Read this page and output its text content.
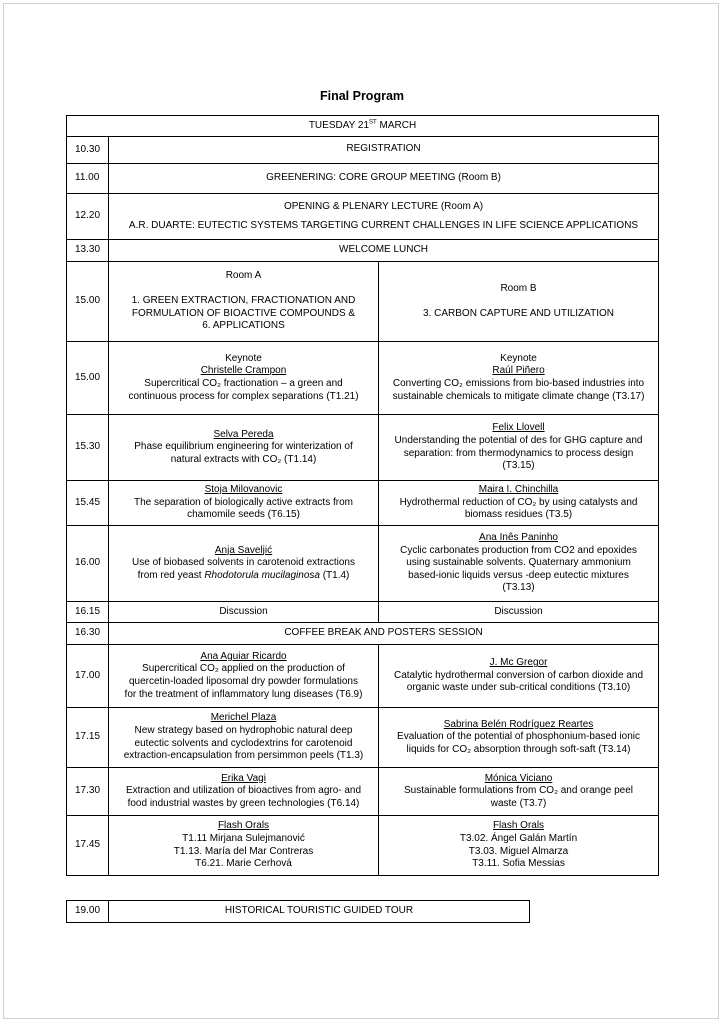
Final Program
TUESDAY 21ST MARCH		
10.30	REGISTRATION	
11.00	GREENERING: CORE GROUP MEETING (Room B)	
12.20	OPENING & PLENARY LECTURE (Room A)
A.R. DUARTE: EUTECTIC SYSTEMS TARGETING CURRENT CHALLENGES IN LIFE SCIENCE APPLICATIONS	

13.30	WELCOME LUNCH	
15.00	Room A
1. GREEN EXTRACTION, FRACTIONATION AND
FORMULATION OF BIOACTIVE COMPOUNDS &
6. APPLICATIONS	Room B
3. CARBON CAPTURE AND UTILIZATION

15.00	Keynote
Christelle Crampon
Supercritical CO₂ fractionation – a green and
continuous process for complex separations (T1.21)	Keynote
Raúl Piñero
Converting CO₂ emissions from bio-based industries into
sustainable chemicals to mitigate climate change (T3.17)

15.30	Selva Pereda
Phase equilibrium engineering for winterization of
natural extracts with CO₂ (T1.14)	Felix Llovell
Understanding the potential of des for GHG capture and
separation: from thermodynamics to process design
(T3.15)

15.45	Stoja Milovanovic
The separation of biologically active extracts from
chamomile seeds (T6.15)	Maira I. Chinchilla
Hydrothermal reduction of CO₂ by using catalysts and
biomass residues (T3.5)

16.00	Anja Saveljić
Use of biobased solvents in carotenoid extractions
from red yeast Rhodotorula mucilaginosa (T1.4)	Ana Inês Paninho
Cyclic carbonates production from CO2 and epoxides
using sustainable solvents. Quaternary ammonium
based-ionic liquids versus -deep eutectic mixtures
(T3.13)

16.15	Discussion	Discussion
16.30	COFFEE BREAK AND POSTERS SESSION	
17.00	Ana Aguiar Ricardo
Supercritical CO₂ applied on the production of
quercetin-loaded liposomal dry powder formulations
for the treatment of inflammatory lung diseases (T6.9)	J. Mc Gregor
Catalytic hydrothermal conversion of carbon dioxide and
organic waste under sub-critical conditions (T3.10)

17.15	Merichel Plaza
New strategy based on hydrophobic natural deep
eutectic solvents and cyclodextrins for carotenoid
extraction-encapsulation from persimmon peels (T1.3)	Sabrina Belén Rodríguez Reartes
Evaluation of the potential of phosphonium-based ionic
liquids for CO₂ absorption through soft-saft (T3.14)

17.30	Erika Vagi
Extraction and utilization of bioactives from agro- and
food industrial wastes by green technologies (T6.14)	Mónica Viciano
Sustainable formulations from CO₂ and orange peel
waste (T3.7)

17.45	Flash Orals
T1.11 Mirjana Sulejmanović
T1.13. María del Mar Contreras
T6.21. Marie Cerhová	Flash Orals
T3.02. Ángel Galán Martín
T3.03. Miguel Almarza
T3.11. Sofia Messias
19.00	HISTORICAL TOURISTIC GUIDED TOUR
